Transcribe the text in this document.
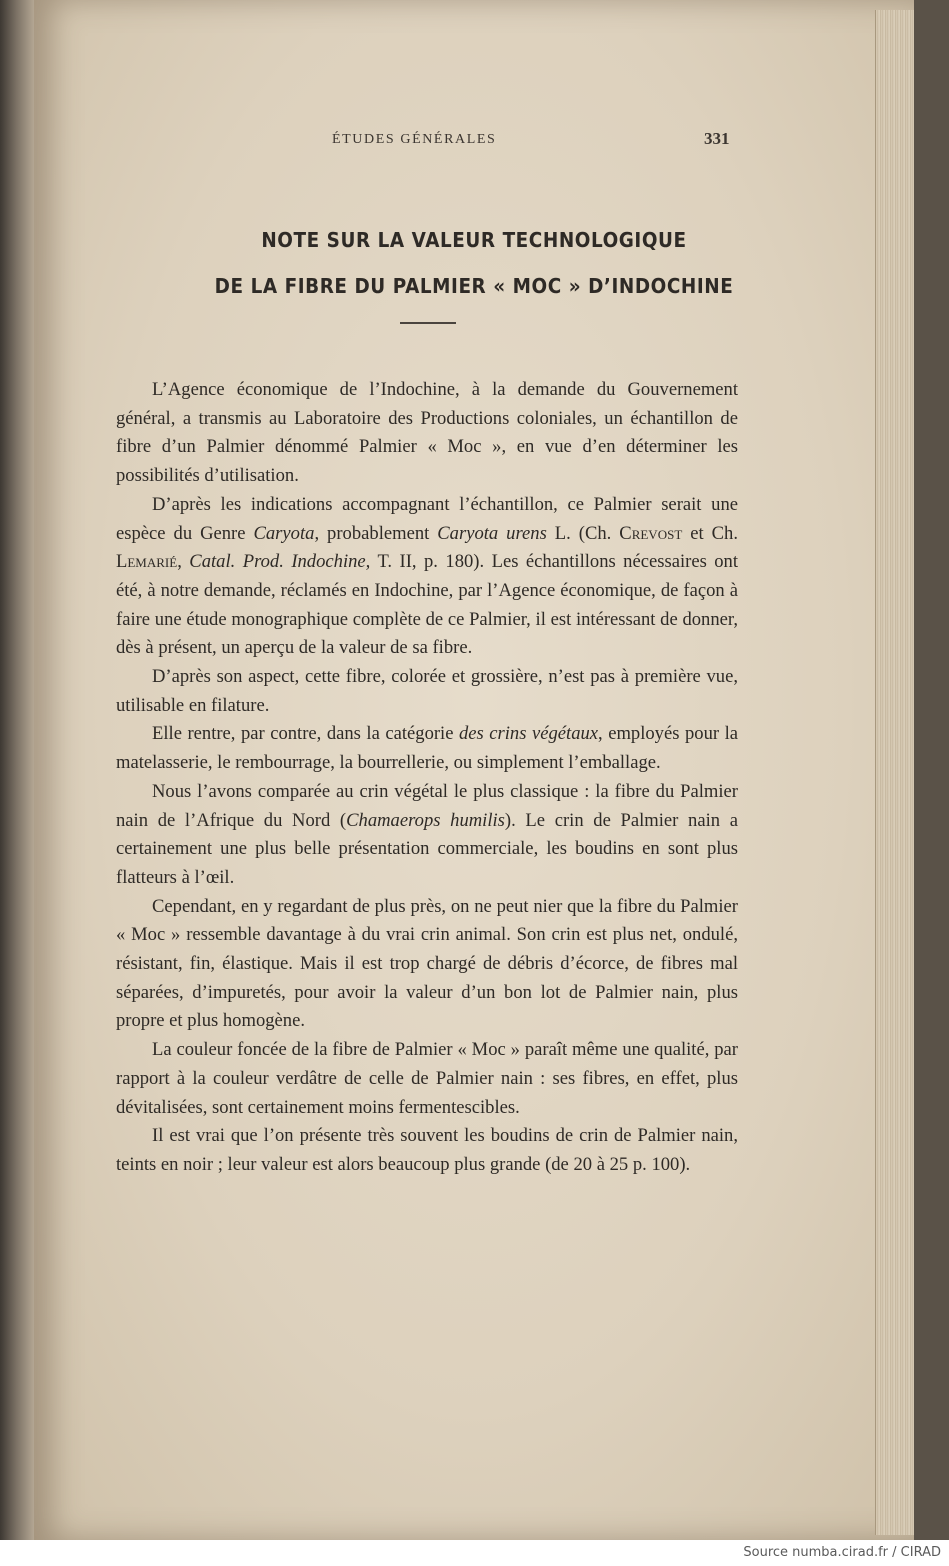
ÉTUDES GÉNÉRALES	331
NOTE SUR LA VALEUR TECHNOLOGIQUE
DE LA FIBRE DU PALMIER « MOC » D’INDOCHINE

L’Agence économique de l’Indochine, à la demande du Gouvernement général, a transmis au Laboratoire des Productions coloniales, un échantillon de fibre d’un Palmier dénommé Palmier « Moc », en vue d’en déterminer les possibilités d’utilisation.

D’après les indications accompagnant l’échantillon, ce Palmier serait une espèce du Genre Caryota, probablement Caryota urens L. (Ch. Crevost et Ch. Lemarié, Catal. Prod. Indochine, T. II, p. 180). Les échantillons nécessaires ont été, à notre demande, réclamés en Indochine, par l’Agence économique, de façon à faire une étude monographique complète de ce Palmier, il est intéressant de donner, dès à présent, un aperçu de la valeur de sa fibre.

D’après son aspect, cette fibre, colorée et grossière, n’est pas à première vue, utilisable en filature.

Elle rentre, par contre, dans la catégorie des crins végétaux, employés pour la matelasserie, le rembourrage, la bourrellerie, ou simplement l’emballage.

Nous l’avons comparée au crin végétal le plus classique : la fibre du Palmier nain de l’Afrique du Nord (Chamaerops humilis). Le crin de Palmier nain a certainement une plus belle présentation commerciale, les boudins en sont plus flatteurs à l’œil.

Cependant, en y regardant de plus près, on ne peut nier que la fibre du Palmier « Moc » ressemble davantage à du vrai crin animal. Son crin est plus net, ondulé, résistant, fin, élastique. Mais il est trop chargé de débris d’écorce, de fibres mal séparées, d’impuretés, pour avoir la valeur d’un bon lot de Palmier nain, plus propre et plus homogène.

La couleur foncée de la fibre de Palmier « Moc » paraît même une qualité, par rapport à la couleur verdâtre de celle de Palmier nain : ses fibres, en effet, plus dévitalisées, sont certainement moins fermentescibles.

Il est vrai que l’on présente très souvent les boudins de crin de Palmier nain, teints en noir ; leur valeur est alors beaucoup plus grande (de 20 à 25 p. 100).

Source numba.cirad.fr / CIRAD
